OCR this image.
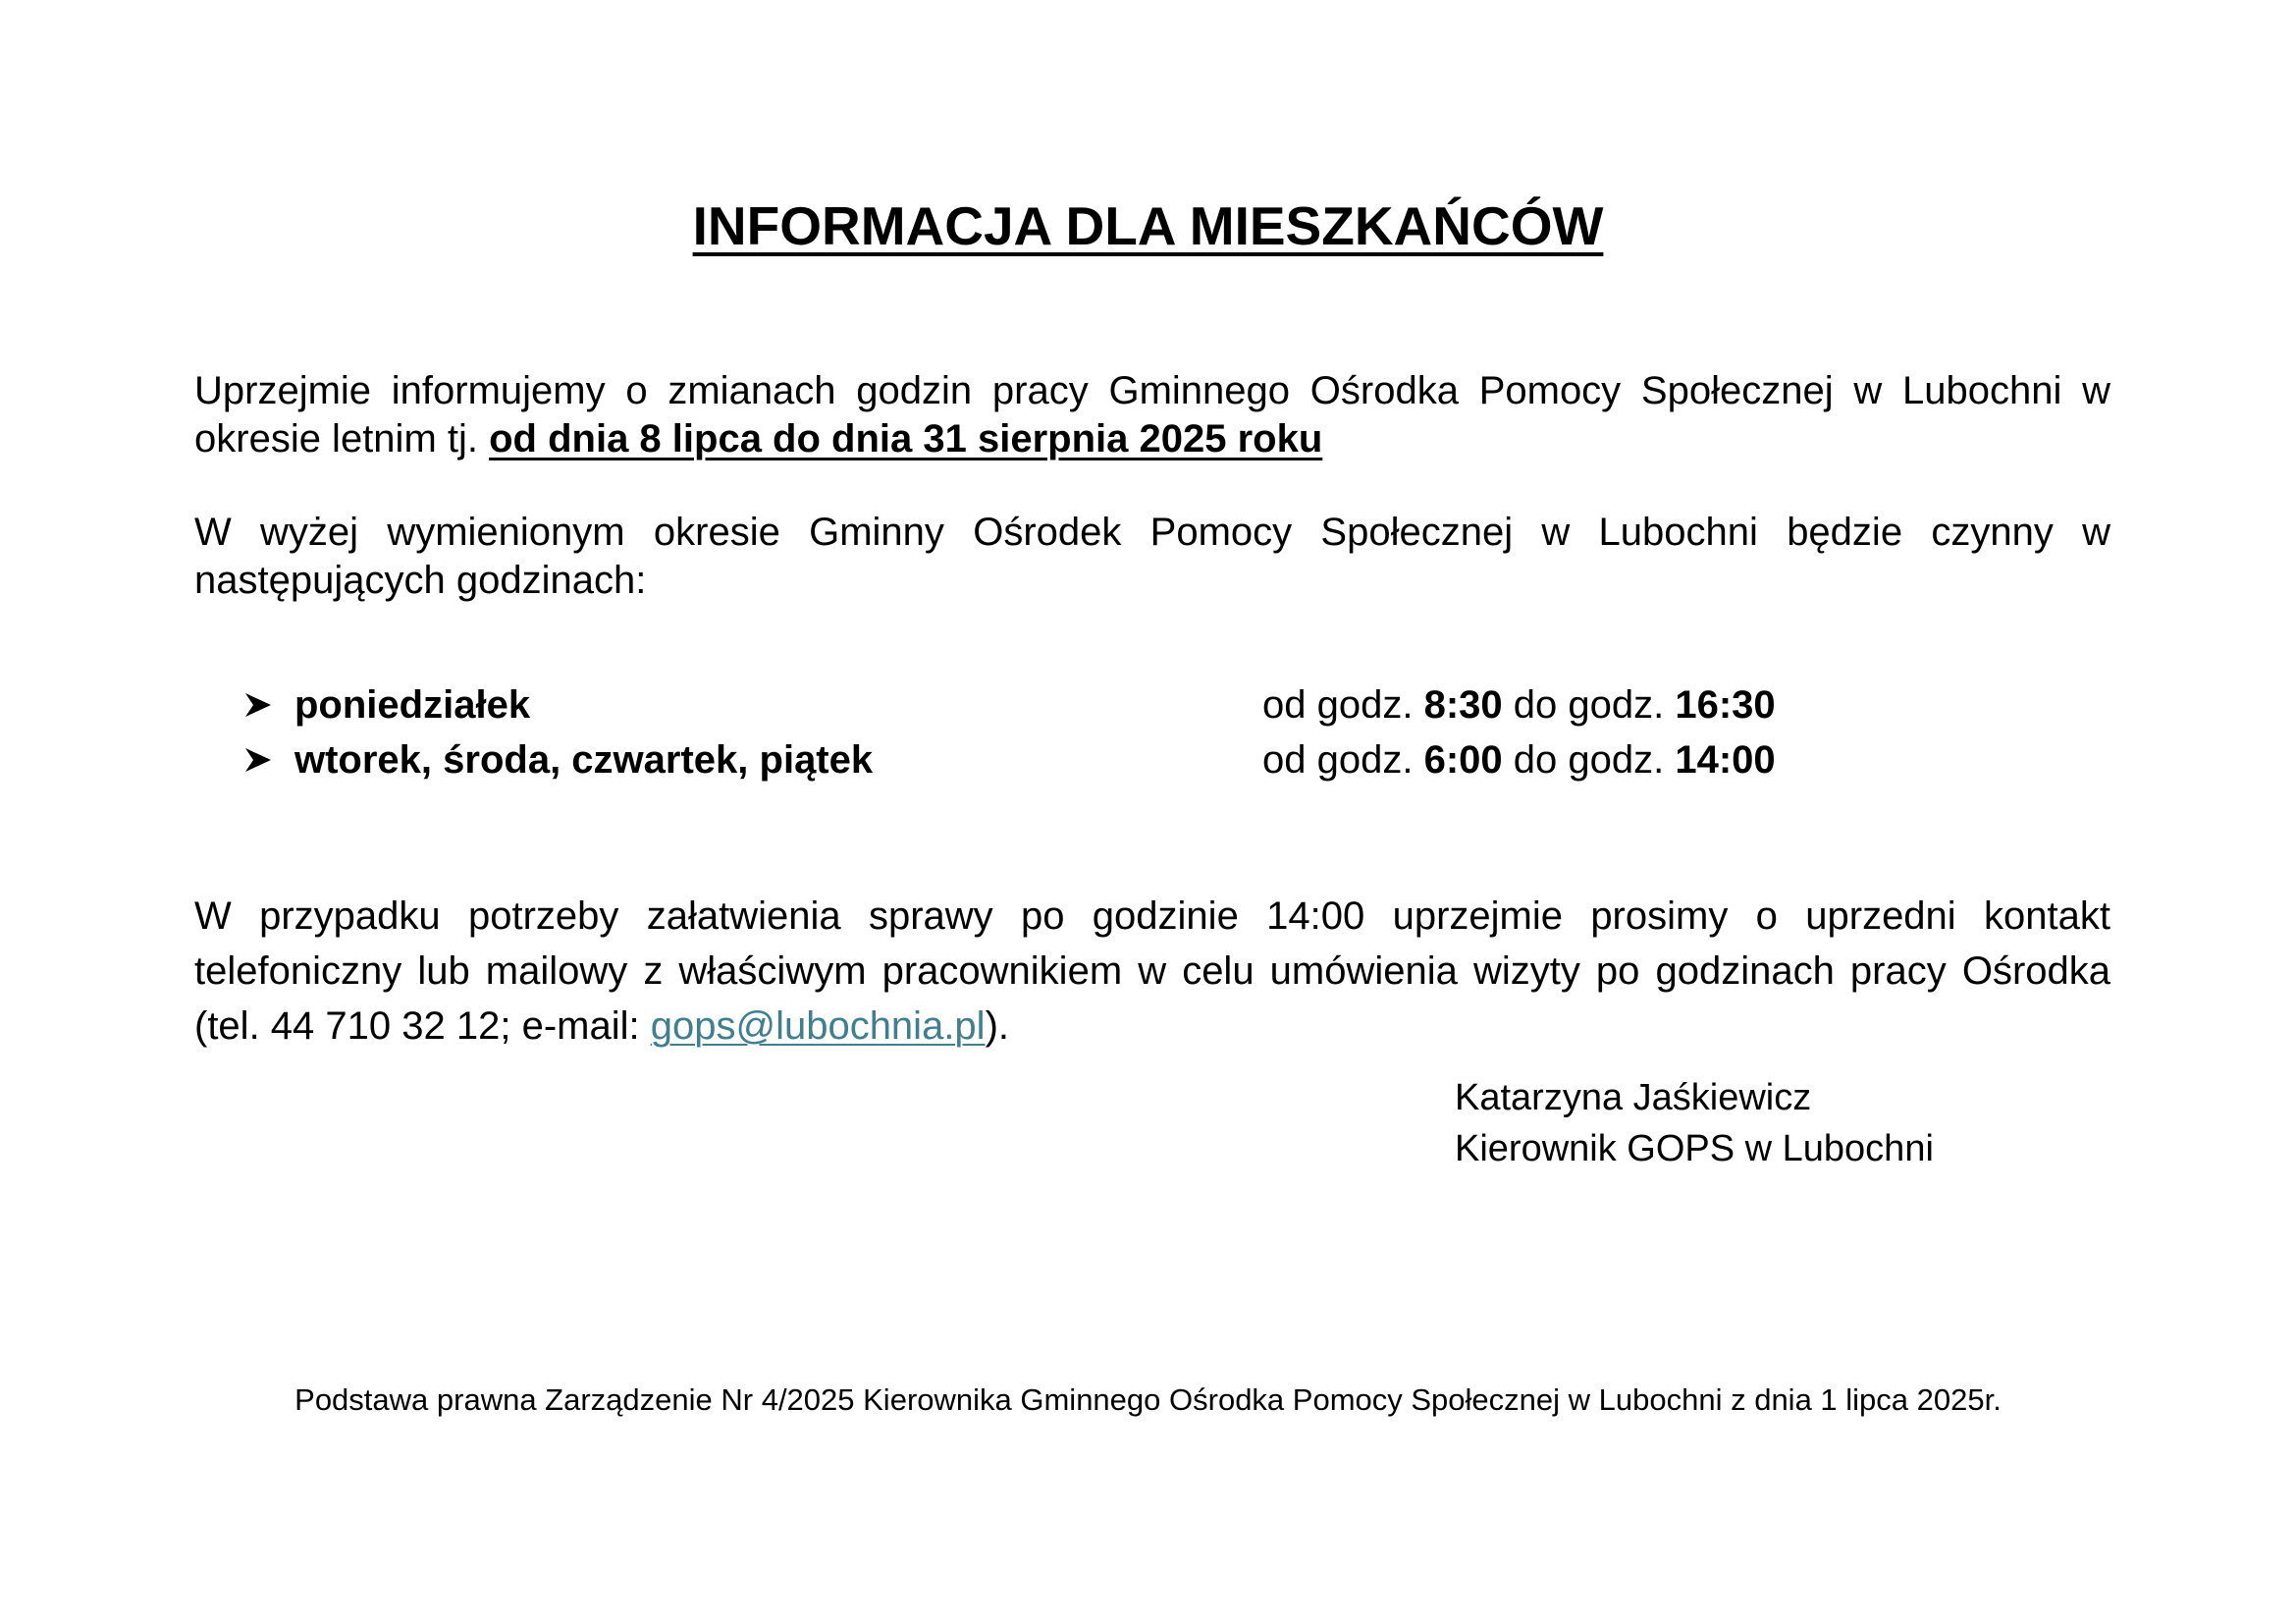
INFORMACJA DLA MIESZKAŃCÓW

Uprzejmie informujemy o zmianach godzin pracy Gminnego Ośrodka Pomocy Społecznej w Lubochni w okresie letnim tj. od dnia 8 lipca do dnia 31 sierpnia 2025 roku

W wyżej wymienionym okresie Gminny Ośrodek Pomocy Społecznej w Lubochni będzie czynny w następujących godzinach:

poniedziałek	od godz. 8:30 do godz. 16:30
wtorek, środa, czwartek, piątek	od godz. 6:00 do godz. 14:00

W przypadku potrzeby załatwienia sprawy po godzinie 14:00 uprzejmie prosimy o uprzedni kontakt telefoniczny lub mailowy z właściwym pracownikiem w celu umówienia wizyty po godzinach pracy Ośrodka (tel. 44 710 32 12; e-mail: gops@lubochnia.pl).

Katarzyna Jaśkiewicz
Kierownik GOPS w Lubochni
Podstawa prawna Zarządzenie Nr 4/2025 Kierownika Gminnego Ośrodka Pomocy Społecznej w Lubochni z dnia 1 lipca 2025r.
